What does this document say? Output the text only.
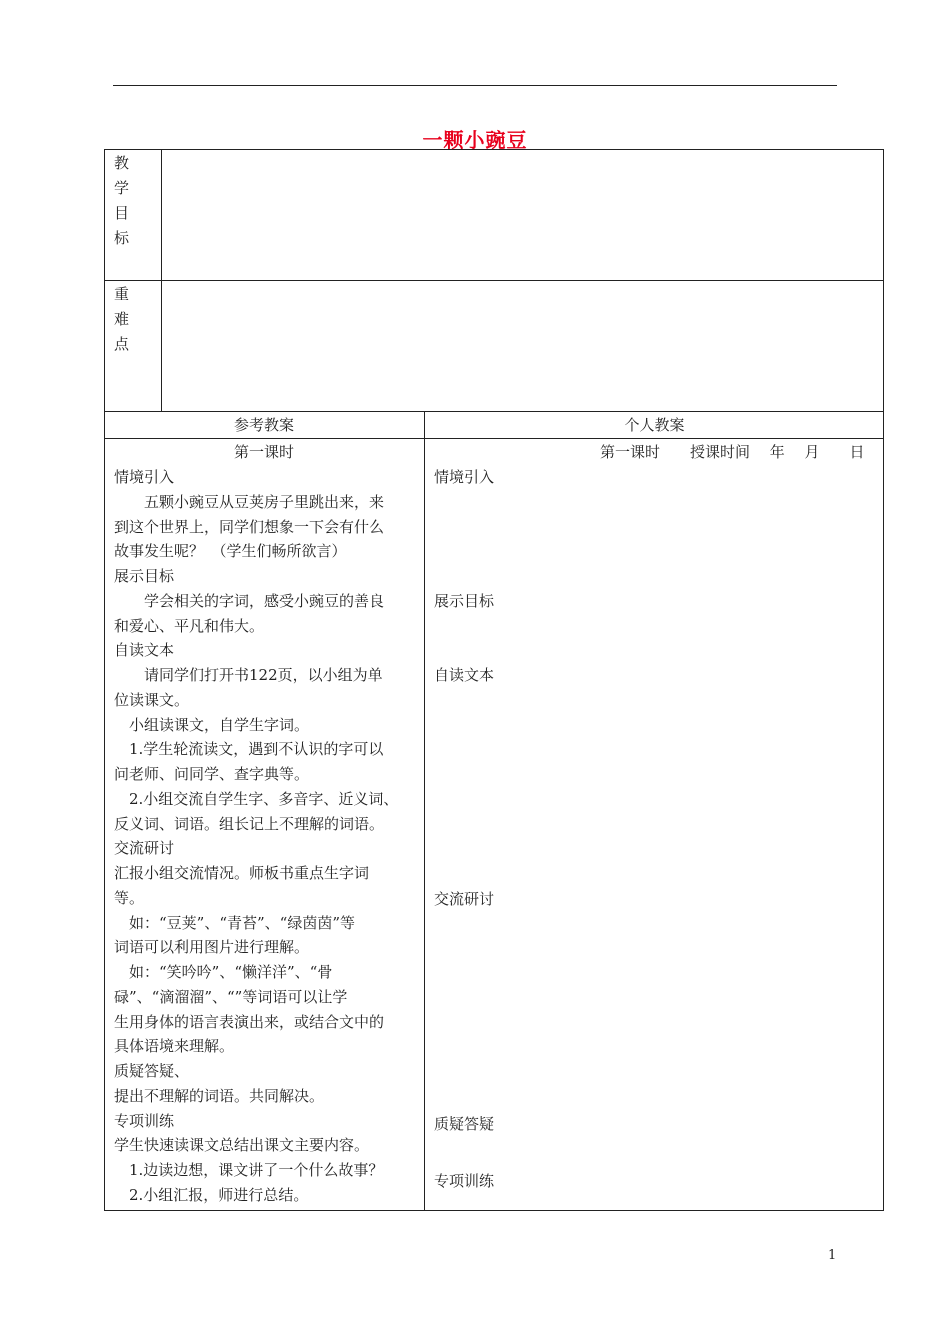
一颗小豌豆
教
学
目
标
重
难
点
参考教案	个人教案
第一课时
情境引入
　　五颗小豌豆从豆荚房子里跳出来，来
到这个世界上，同学们想象一下会有什么
故事发生呢？　（学生们畅所欲言）
展示目标
　　学会相关的字词，感受小豌豆的善良
和爱心、平凡和伟大。
自读文本
　　请同学们打开书122页，以小组为单
位读课文。
　小组读课文，自学生字词。
　1.学生轮流读文，遇到不认识的字可以
问老师、问同学、查字典等。
　2.小组交流自学生字、多音字、近义词、
反义词、词语。组长记上不理解的词语。
交流研讨
汇报小组交流情况。师板书重点生字词
等。
　如：“豆荚”、“青苔”、“绿茵茵”等
词语可以利用图片进行理解。
　如：“笑吟吟”、“懒洋洋”、“骨
碌”、“滴溜溜”、“”等词语可以让学
生用身体的语言表演出来，或结合文中的
具体语境来理解。
质疑答疑、
提出不理解的词语。共同解决。
专项训练
学生快速读课文总结出课文主要内容。
　1.边读边想，课文讲了一个什么故事？
　2.小组汇报，师进行总结。
第一课时　　授课时间　 年　 月　　日
情境引入
展示目标
自读文本
交流研讨
质疑答疑
专项训练
1
